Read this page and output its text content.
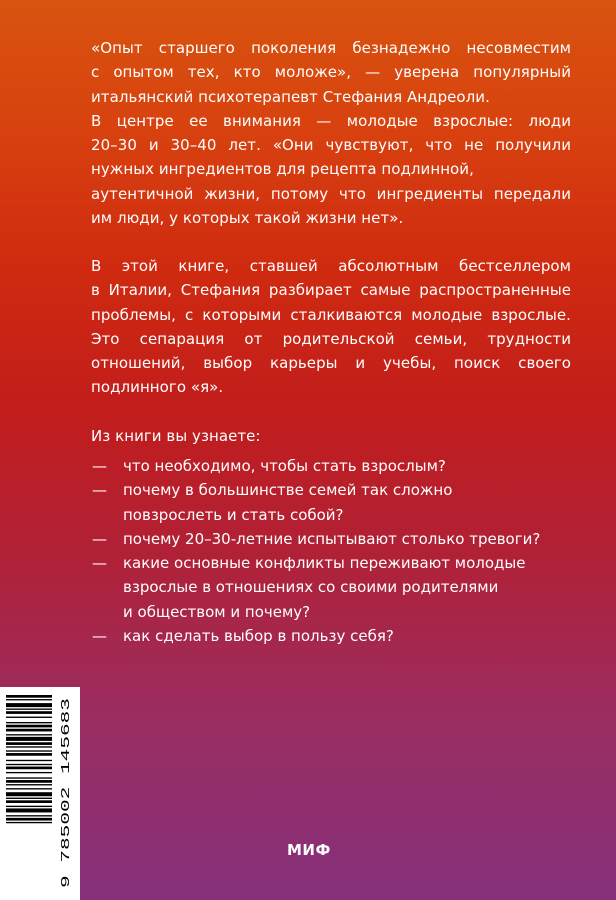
«Опыт старшего поколения безнадежно несовместим
с опытом тех, кто моложе», — уверена популярный
итальянский психотерапевт Стефания Андреоли.
В центре ее внимания — молодые взрослые: люди
20–30 и 30–40 лет. «Они чувствуют, что не получили
нужных ингредиентов для рецепта подлинной,
аутентичной жизни, потому что ингредиенты передали
им люди, у которых такой жизни нет».

В этой книге, ставшей абсолютным бестселлером
в Италии, Стефания разбирает самые распространенные
проблемы, с которыми сталкиваются молодые взрослые.
Это сепарация от родительской семьи, трудности
отношений, выбор карьеры и учебы, поиск своего
подлинного «я».

Из книги вы узнаете:
— что необходимо, чтобы стать взрослым?
— почему в большинстве семей так сложно
повзрослеть и стать собой?
— почему 20–30-летние испытывают столько тревоги?
— какие основные конфликты переживают молодые
взрослые в отношениях со своими родителями
и обществом и почему?
— как сделать выбор в пользу себя?
9 785002 145683	МИФ
